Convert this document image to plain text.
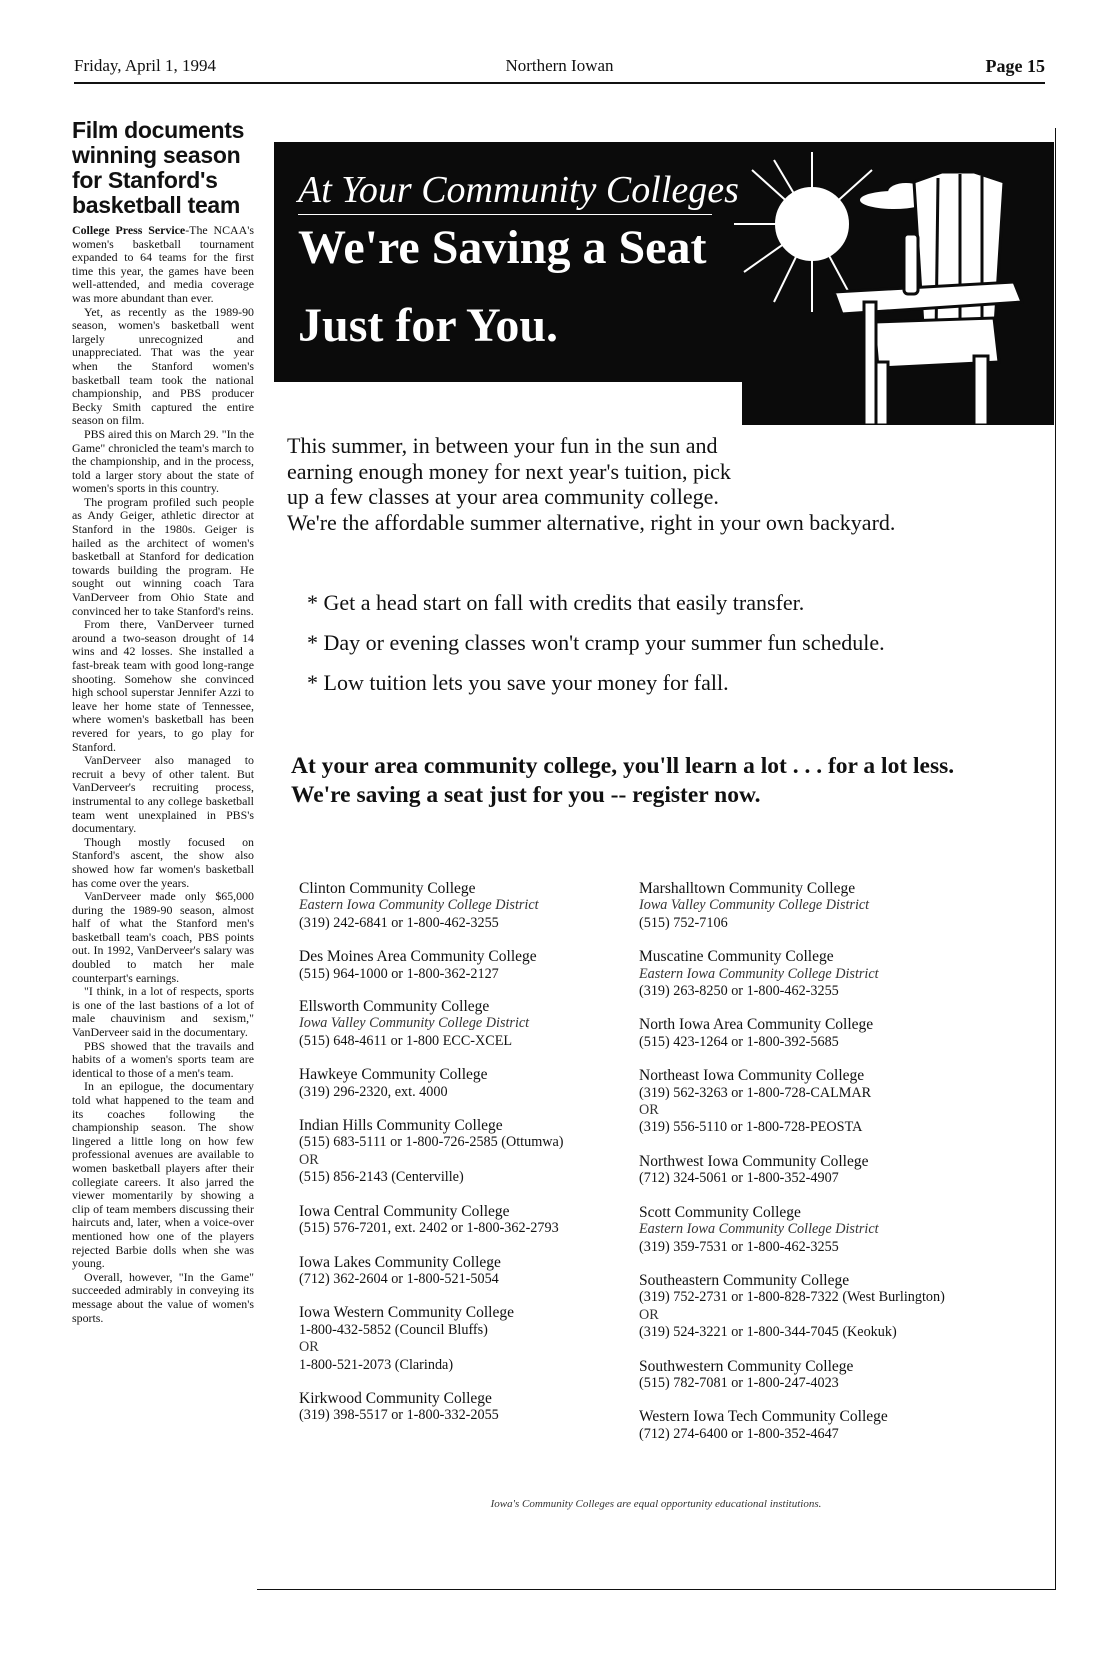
Friday, April 1, 1994	Northern Iowan	Page 15
Film documents winning season for Stanford's basketball team

College Press Service-The NCAA's women's basketball tournament expanded to 64 teams for the first time this year, the games have been well-attended, and media coverage was more abundant than ever.

Yet, as recently as the 1989-90 season, women's basketball went largely unrecognized and unappreciated. That was the year when the Stanford women's basketball team took the national championship, and PBS producer Becky Smith captured the entire season on film.

PBS aired this on March 29. "In the Game" chronicled the team's march to the championship, and in the process, told a larger story about the state of women's sports in this country.

The program profiled such people as Andy Geiger, athletic director at Stanford in the 1980s. Geiger is hailed as the architect of women's basketball at Stanford for dedication towards building the program. He sought out winning coach Tara VanDerveer from Ohio State and convinced her to take Stanford's reins.

From there, VanDerveer turned around a two-season drought of 14 wins and 42 losses. She installed a fast-break team with good long-range shooting. Somehow she convinced high school superstar Jennifer Azzi to leave her home state of Tennessee, where women's basketball has been revered for years, to go play for Stanford.

VanDerveer also managed to recruit a bevy of other talent. But VanDerveer's recruiting process, instrumental to any college basketball team went unexplained in PBS's documentary.

Though mostly focused on Stanford's ascent, the show also showed how far women's basketball has come over the years.

VanDerveer made only $65,000 during the 1989-90 season, almost half of what the Stanford men's basketball team's coach, PBS points out. In 1992, VanDerveer's salary was doubled to match her male counterpart's earnings.

"I think, in a lot of respects, sports is one of the last bastions of a lot of male chauvinism and sexism," VanDerveer said in the documentary.

PBS showed that the travails and habits of a women's sports team are identical to those of a men's team.

In an epilogue, the documentary told what happened to the team and its coaches following the championship season. The show lingered a little long on how few professional avenues are available to women basketball players after their collegiate careers. It also jarred the viewer momentarily by showing a clip of team members discussing their haircuts and, later, when a voice-over mentioned how one of the players rejected Barbie dolls when she was young.

Overall, however, "In the Game" succeeded admirably in conveying its message about the value of women's sports.

At Your Community Colleges
We're Saving a Seat
Just for You.
This summer, in between your fun in the sun and
earning enough money for next year's tuition, pick
up a few classes at your area community college.
We're the affordable summer alternative, right in your own backyard.
* Get a head start on fall with credits that easily transfer.
* Day or evening classes won't cramp your summer fun schedule.
* Low tuition lets you save your money for fall.
At your area community college, you'll learn a lot . . . for a lot less.
We're saving a seat just for you -- register now.
Clinton Community College
Eastern Iowa Community College District
(319) 242-6841 or 1-800-462-3255
Des Moines Area Community College
(515) 964-1000 or 1-800-362-2127
Ellsworth Community College
Iowa Valley Community College District
(515) 648-4611 or 1-800 ECC-XCEL
Hawkeye Community College
(319) 296-2320, ext. 4000
Indian Hills Community College
(515) 683-5111 or 1-800-726-2585 (Ottumwa)
OR
(515) 856-2143 (Centerville)
Iowa Central Community College
(515) 576-7201, ext. 2402 or 1-800-362-2793
Iowa Lakes Community College
(712) 362-2604 or 1-800-521-5054
Iowa Western Community College
1-800-432-5852 (Council Bluffs)
OR
1-800-521-2073 (Clarinda)
Kirkwood Community College
(319) 398-5517 or 1-800-332-2055
Marshalltown Community College
Iowa Valley Community College District
(515) 752-7106
Muscatine Community College
Eastern Iowa Community College District
(319) 263-8250 or 1-800-462-3255
North Iowa Area Community College
(515) 423-1264 or 1-800-392-5685
Northeast Iowa Community College
(319) 562-3263 or 1-800-728-CALMAR
OR
(319) 556-5110 or 1-800-728-PEOSTA
Northwest Iowa Community College
(712) 324-5061 or 1-800-352-4907
Scott Community College
Eastern Iowa Community College District
(319) 359-7531 or 1-800-462-3255
Southeastern Community College
(319) 752-2731 or 1-800-828-7322 (West Burlington)
OR
(319) 524-3221 or 1-800-344-7045 (Keokuk)
Southwestern Community College
(515) 782-7081 or 1-800-247-4023
Western Iowa Tech Community College
(712) 274-6400 or 1-800-352-4647
Iowa's Community Colleges are equal opportunity educational institutions.
